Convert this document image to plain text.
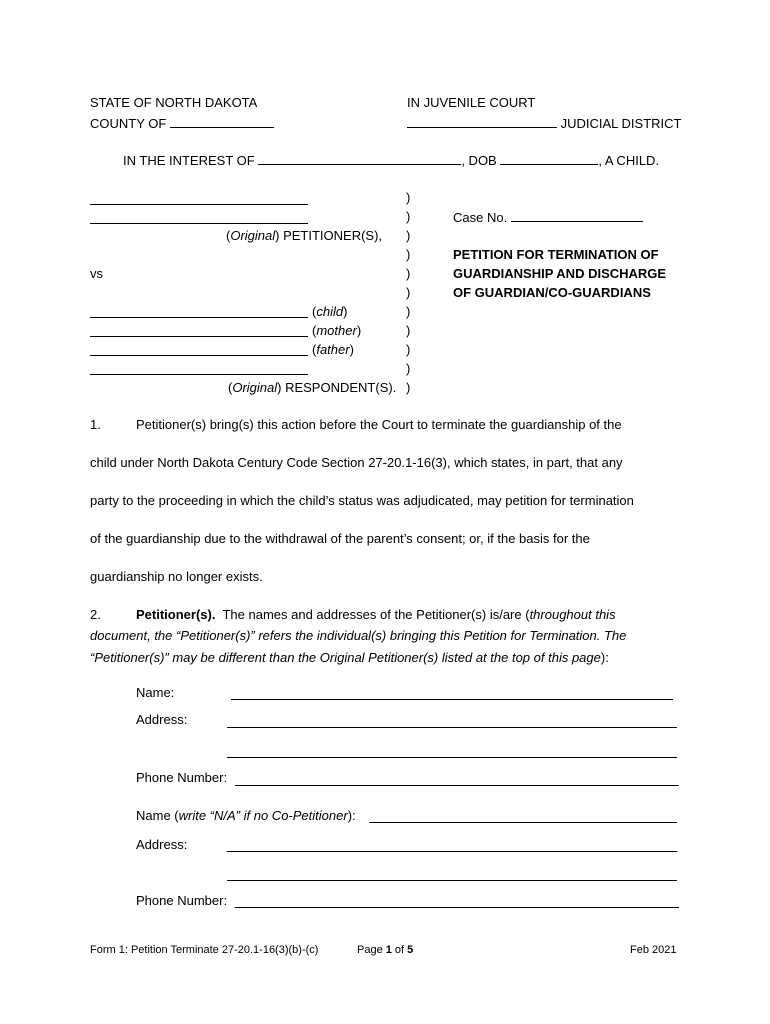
STATE OF NORTH DAKOTA
COUNTY OF
IN JUVENILE COURT
JUDICIAL DISTRICT
IN THE INTEREST OF	, DOB	, A CHILD.
(Original) PETITIONER(S),
vs
(child)
(mother)
(father)
(Original) RESPONDENT(S).
)
)
)
)
)
)
)
)
)
)
)
Case No.
PETITION FOR TERMINATION OF
GUARDIANSHIP AND DISCHARGE
OF GUARDIAN/CO-GUARDIANS
1.	Petitioner(s) bring(s) this action before the Court to terminate the guardianship of the
child under North Dakota Century Code Section 27-20.1-16(3), which states, in part, that any
party to the proceeding in which the child’s status was adjudicated, may petition for termination
of the guardianship due to the withdrawal of the parent’s consent; or, if the basis for the
guardianship no longer exists.
2.	Petitioner(s). The names and addresses of the Petitioner(s) is/are (throughout this
document, the “Petitioner(s)” refers the individual(s) bringing this Petition for Termination. The
“Petitioner(s)” may be different than the Original Petitioner(s) listed at the top of this page):
Name:
Address:
Phone Number:
Name (write “N/A” if no Co-Petitioner):
Address:
Phone Number:
Form 1: Petition Terminate 27-20.1-16(3)(b)-(c)	Page 1 of 5	Feb 2021
